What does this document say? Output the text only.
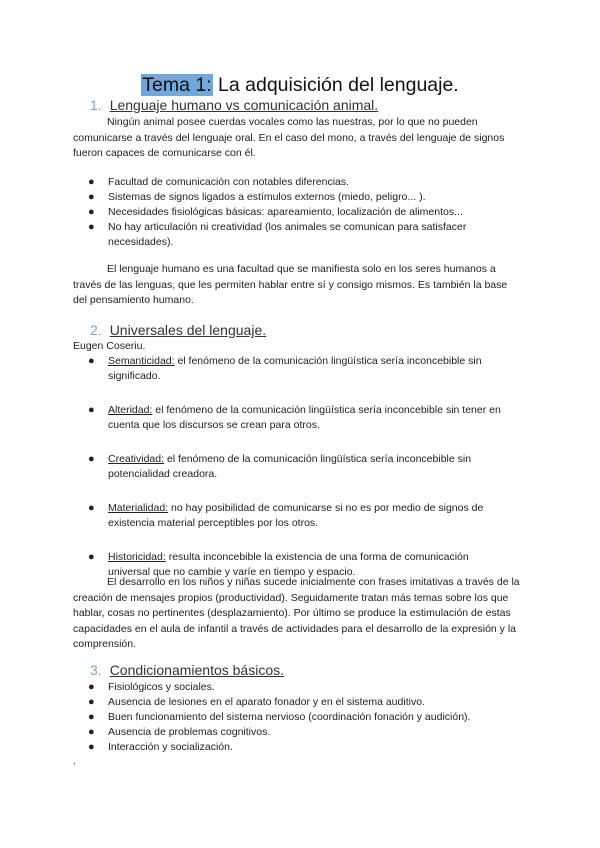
Tema 1: La adquisición del lenguaje.
1. Lenguaje humano vs comunicación animal.
Ningún animal posee cuerdas vocales como las nuestras, por lo que no pueden comunicarse a través del lenguaje oral. En el caso del mono, a través del lenguaje de signos fueron capaces de comunicarse con él.
● Facultad de comunicación con notables diferencias.
● Sistemas de signos ligados a estímulos externos (miedo, peligro... ).
● Necesidades fisiológicas básicas: apareamiento, localización de alimentos...
● No hay articulación ni creatividad (los animales se comunican para satisfacer necesidades).
El lenguaje humano es una facultad que se manifiesta solo en los seres humanos a través de las lenguas, que les permiten hablar entre sí y consigo mismos. Es también la base del pensamiento humano.
2. Universales del lenguaje.
Eugen Coseriu.
● Semanticidad: el fenómeno de la comunicación lingüística sería inconcebible sin significado.
● Alteridad: el fenómeno de la comunicación lingüística sería inconcebible sin tener en cuenta que los discursos se crean para otros.
● Creatividad: el fenómeno de la comunicación lingüística sería inconcebible sin potencialidad creadora.
● Materialidad: no hay posibilidad de comunicarse si no es por medio de signos de existencia material perceptibles por los otros.
● Historicidad: resulta inconcebible la existencia de una forma de comunicación universal que no cambie y varíe en tiempo y espacio.
El desarrollo en los niños y niñas sucede inicialmente con frases imitativas a través de la creación de mensajes propios (productividad). Seguidamente tratan más temas sobre los que hablar, cosas no pertinentes (desplazamiento). Por último se produce la estimulación de estas capacidades en el aula de infantil a través de actividades para el desarrollo de la expresión y la comprensión.
3. Condicionamientos básicos.
● Fisiológicos y sociales.
● Ausencia de lesiones en el aparato fonador y en el sistema auditivo.
● Buen funcionamiento del sistema nervioso (coordinación fonación y audición).
● Ausencia de problemas cognitivos.
● Interacción y socialización.
.
